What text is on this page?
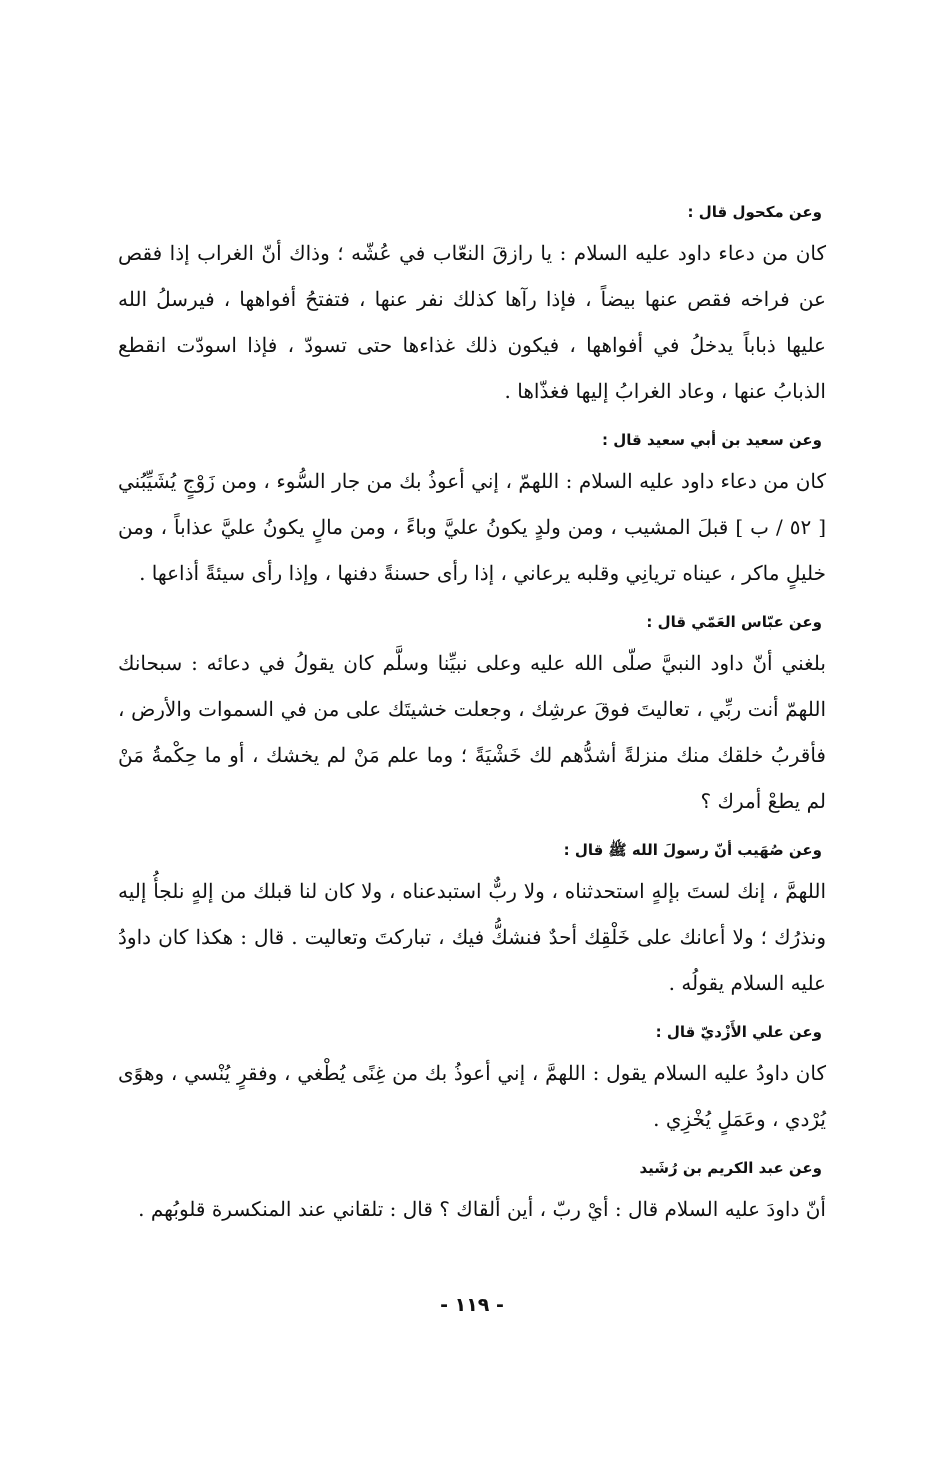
وعن مكحول قال :

كان من دعاء داود عليه السلام : يا رازقَ النعّاب في عُشّه ؛ وذاك أنّ الغراب إذا فقص عن فراخه فقص عنها بيضاً ، فإذا رآها كذلك نفر عنها ، فتفتحُ أفواهها ، فيرسلُ الله عليها ذباباً يدخلُ في أفواهها ، فيكون ذلك غذاءها حتى تسودّ ، فإذا اسودّت انقطع الذبابُ عنها ، وعاد الغرابُ إليها فغذّاها .

وعن سعيد بن أبي سعيد قال :

كان من دعاء داود عليه السلام : اللهمّ ، إني أعوذُ بك من جار السُّوء ، ومن زَوْجٍ يُشَيِّبُني [ ٥٢ / ب ] قبلَ المشيب ، ومن ولدٍ يكونُ عليَّ وباءً ، ومن مالٍ يكونُ عليَّ عذاباً ، ومن خليلٍ ماكر ، عيناه تريانِي وقلبه يرعاني ، إذا رأى حسنةً دفنها ، وإذا رأى سيئةً أذاعها .

وعن عبّاس العَمّي قال :

بلغني أنّ داود النبيَّ صلّى الله عليه وعلى نبيِّنا وسلَّم كان يقولُ في دعائه : سبحانك اللهمّ أنت ربِّي ، تعاليتَ فوقَ عرشِك ، وجعلت خشيتَك على من في السموات والأرض ، فأقربُ خلقك منك منزلةً أشدُّهم لك خَشْيَةً ؛ وما علم مَنْ لم يخشك ، أو ما حِكْمةُ مَنْ لم يطعْ أمرك ؟

وعن صُهَيب أنّ رسولَ الله ﷺ قال :

اللهمَّ ، إنك لستَ بإلهٍ استحدثناه ، ولا ربٌّ استبدعناه ، ولا كان لنا قبلك من إلهٍ نلجأُ إليه ونذرُك ؛ ولا أعانك على خَلْقِك أحدٌ فنشكُّ فيك ، تباركتَ وتعاليت . قال : هكذا كان داودُ عليه السلام يقولُه .

وعن علي الأَزْديّ قال :

كان داودُ عليه السلام يقول : اللهمَّ ، إني أعوذُ بك من غِنًى يُطْغي ، وفقرٍ يُنْسي ، وهوًى يُرْدي ، وعَمَلٍ يُخْزِي .

وعن عبد الكريم بن رُشَيد

أنّ داودَ عليه السلام قال : أيْ ربّ ، أين ألقاك ؟ قال : تلقاني عند المنكسرة قلوبُهم .

- ١١٩ -
